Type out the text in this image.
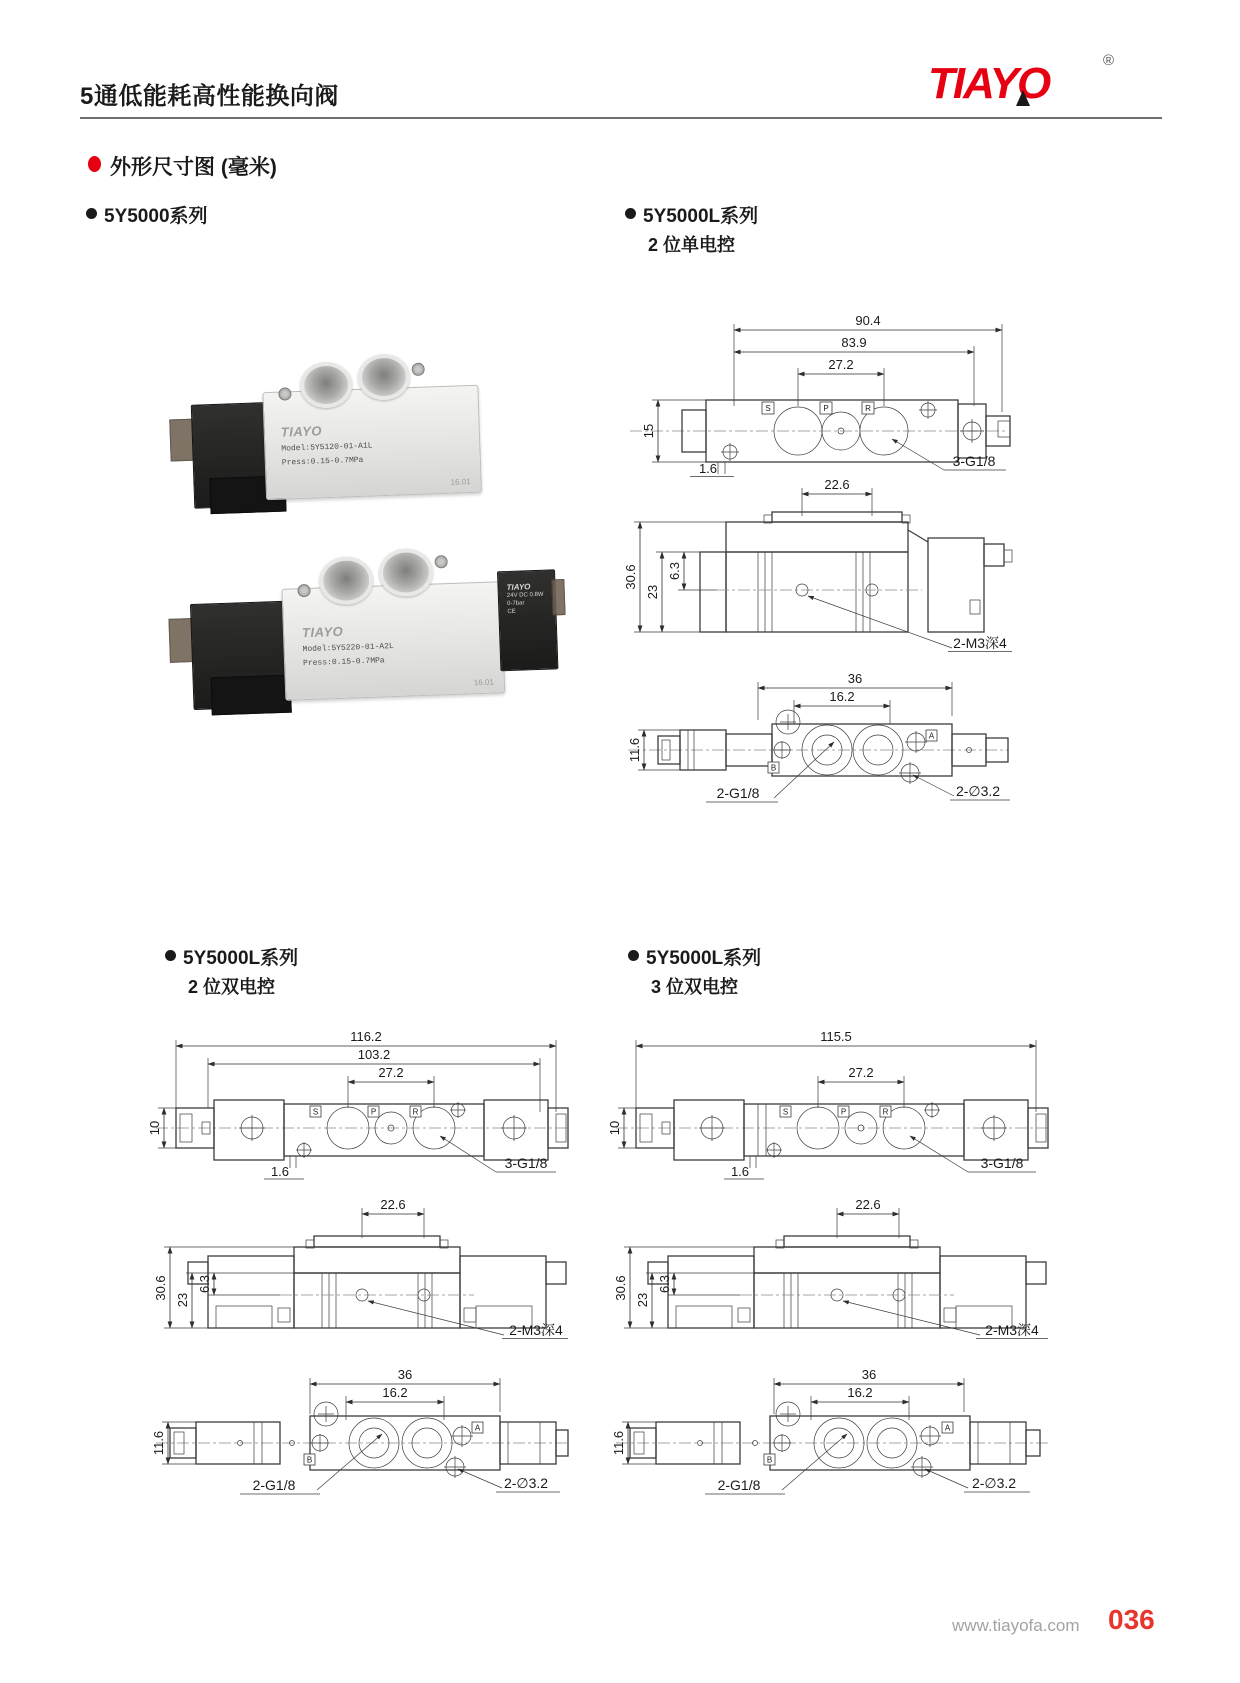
5通低能耗高性能换向阀	TIAYO	®
外形尺寸图 (毫米)
5Y5000系列	5Y5000L系列
2 位单电控
5Y5000L系列
2 位双电控
5Y5000L系列
3 位双电控
TIAYO
Model:5Y5120-01-A1L
Press:0.15-0.7MPa
16.01
TIAYO
Model:5Y5220-01-A2L
Press:0.15-0.7MPa
16.01
TIAYO
24V DC 0.8W
0-7bar
CE
90.4
83.9
27.2
S	P	R
15
1.6	3-G1/8
22.6
30.6
23
6.3
2-M3深4
36
16.2
A
B
11.6
2-G1/8	2-∅3.2
116.2
103.2
27.2
S	P	R
10
1.6
3-G1/8
22.6
30.6 23
6.3
2-M3深4
36
16.2
A
B
11.6
2-G1/8	2-∅3.2
115.5
27.2
S	P	R
10
1.6
3-G1/8
22.6
30.6 23
6.3
2-M3深4
36
16.2
A
B
11.6
2-G1/8	2-∅3.2
www.tiayofa.com 036
